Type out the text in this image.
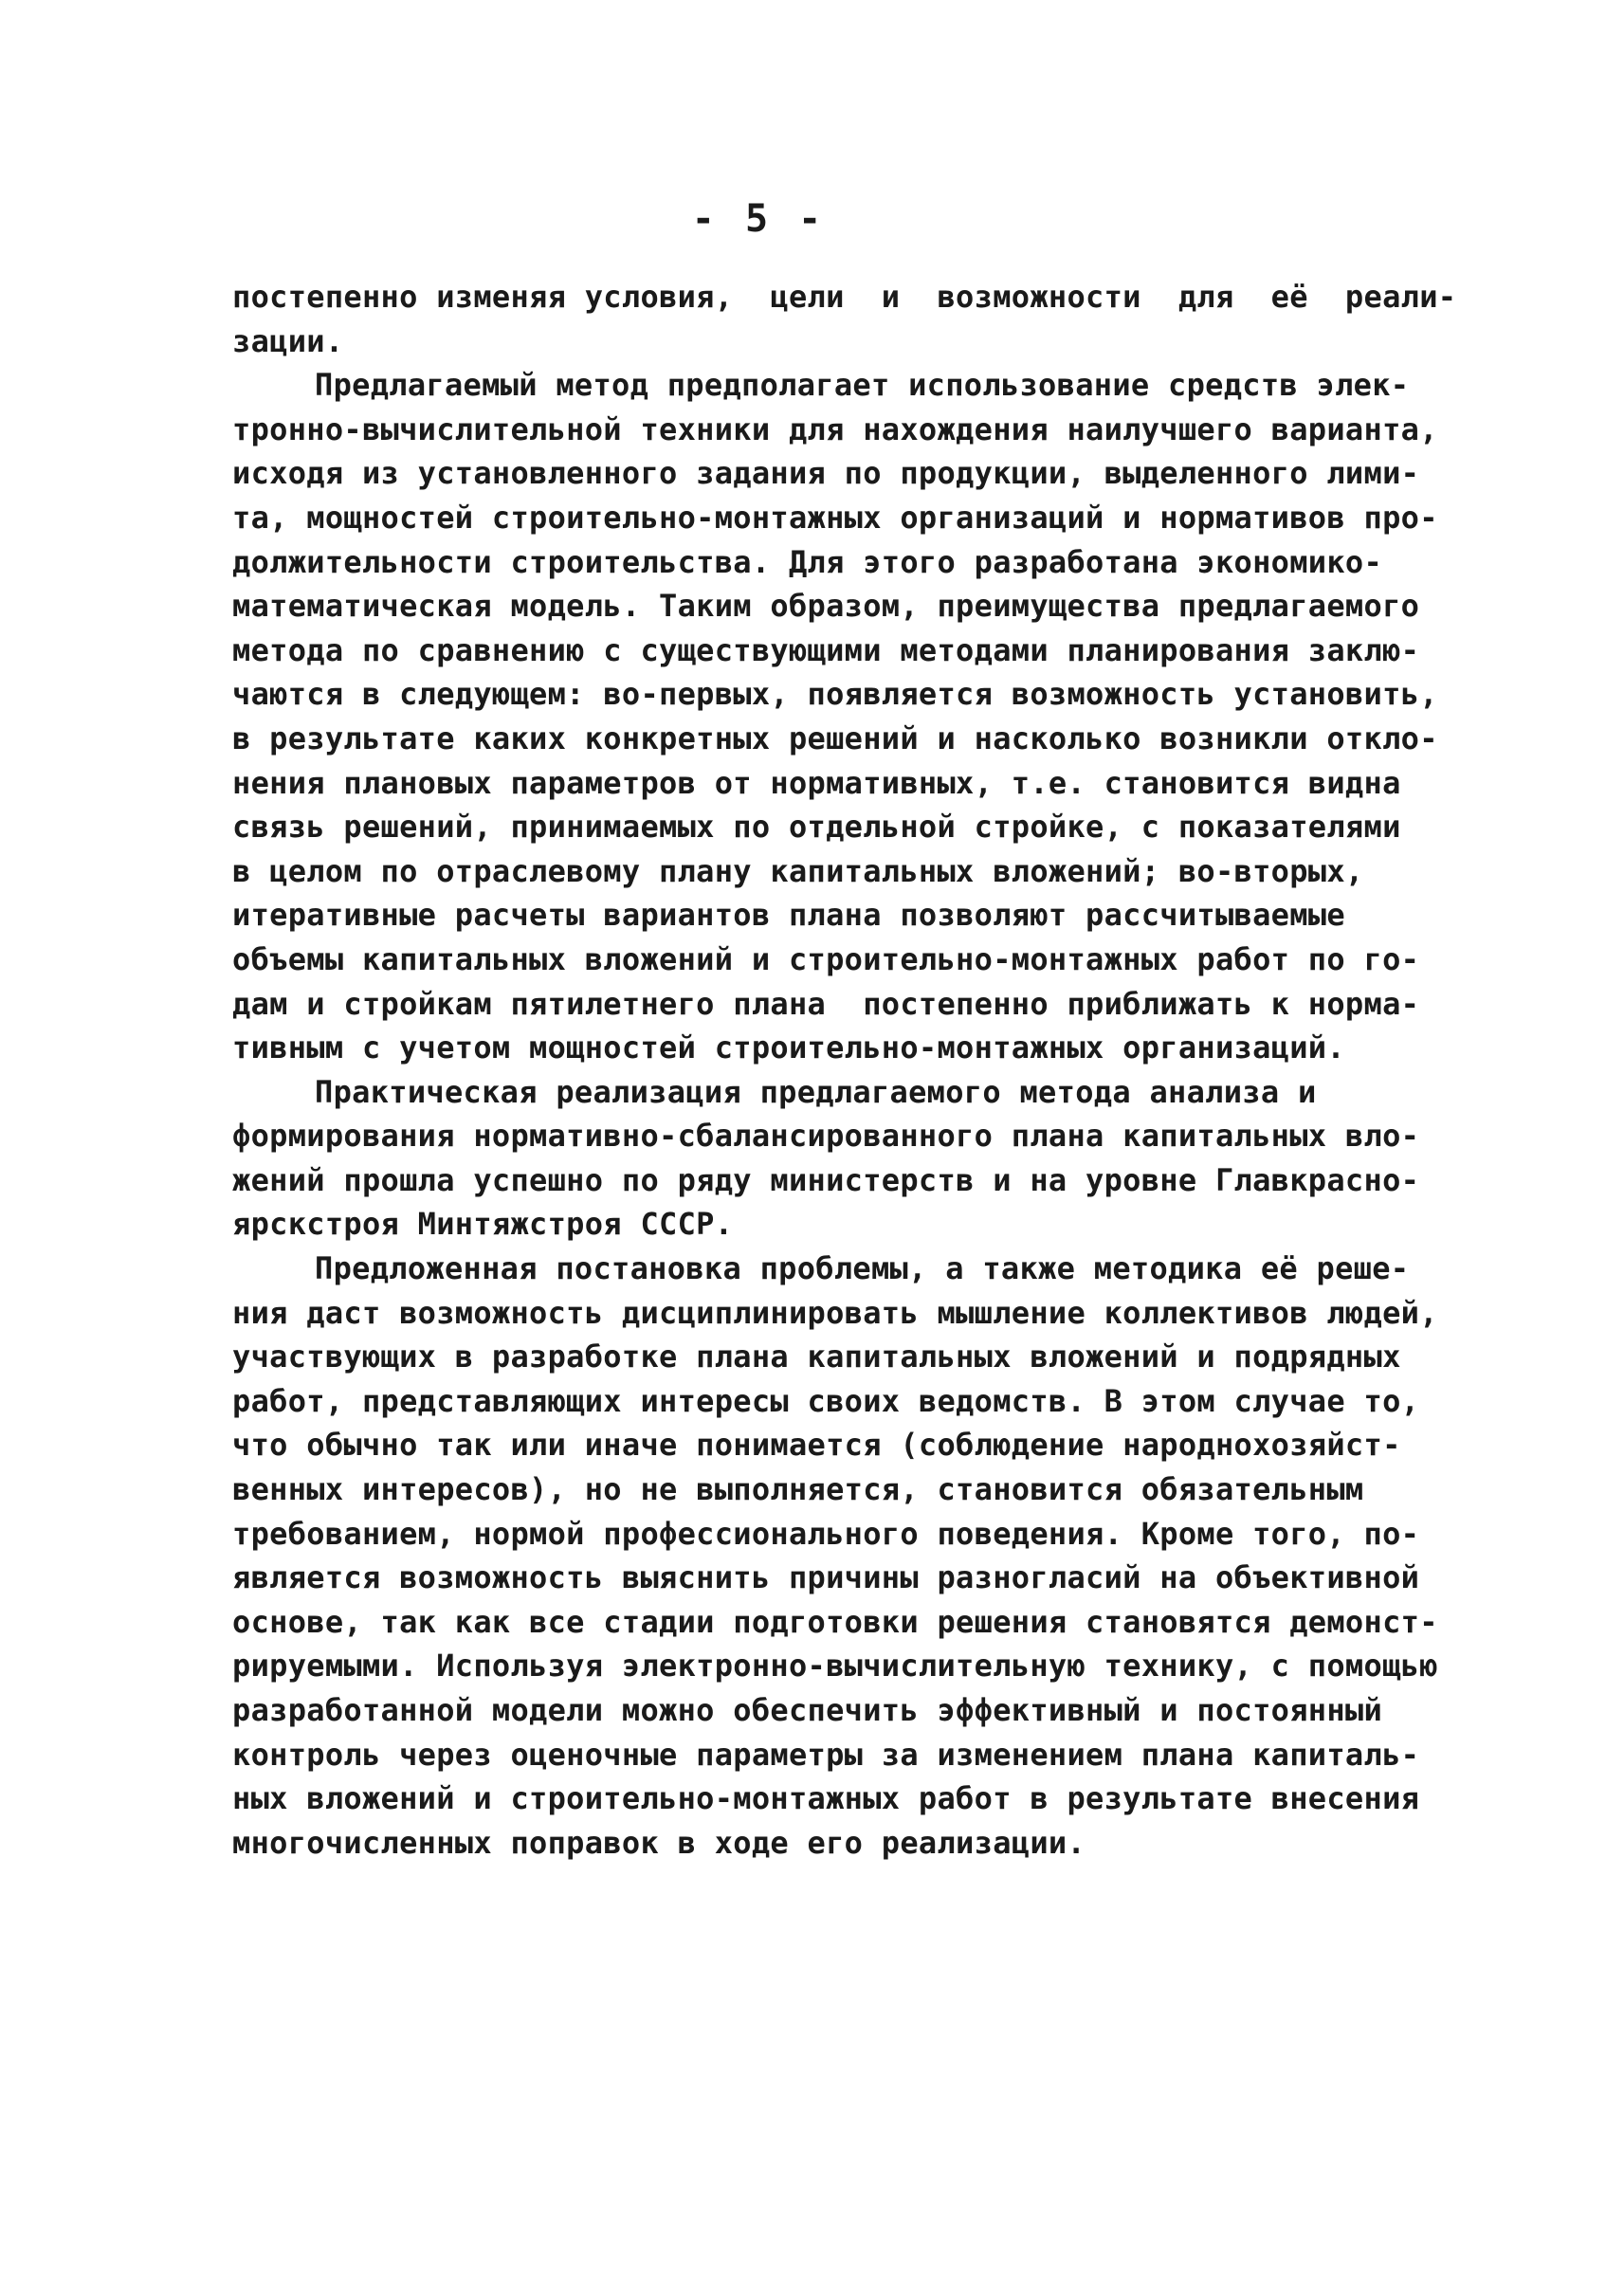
- 5 -
постепенно изменяя условия,  цели  и  возможности  для  её  реали-
зации.
Предлагаемый метод предполагает использование средств элек-
тронно-вычислительной техники для нахождения наилучшего варианта,
исходя из установленного задания по продукции, выделенного лими-
та, мощностей строительно-монтажных организаций и нормативов про-
должительности строительства. Для этого разработана экономико-
математическая модель. Таким образом, преимущества предлагаемого
метода по сравнению с существующими методами планирования заклю-
чаются в следующем: во-первых, появляется возможность установить,
в результате каких конкретных решений и насколько возникли откло-
нения плановых параметров от нормативных, т.е. становится видна
связь решений, принимаемых по отдельной стройке, с показателями
в целом по отраслевому плану капитальных вложений; во-вторых,
итеративные расчеты вариантов плана позволяют рассчитываемые
объемы капитальных вложений и строительно-монтажных работ по го-
дам и стройкам пятилетнего плана  постепенно приближать к норма-
тивным с учетом мощностей строительно-монтажных организаций.
Практическая реализация предлагаемого метода анализа и
формирования нормативно-сбалансированного плана капитальных вло-
жений прошла успешно по ряду министерств и на уровне Главкрасно-
ярскстроя Минтяжстроя СССР.
Предложенная постановка проблемы, а также методика её реше-
ния даст возможность дисциплинировать мышление коллективов людей,
участвующих в разработке плана капитальных вложений и подрядных
работ, представляющих интересы своих ведомств. В этом случае то,
что обычно так или иначе понимается (соблюдение народнохозяйст-
венных интересов), но не выполняется, становится обязательным
требованием, нормой профессионального поведения. Кроме того, по-
является возможность выяснить причины разногласий на объективной
основе, так как все стадии подготовки решения становятся демонст-
рируемыми. Используя электронно-вычислительную технику, с помощью
разработанной модели можно обеспечить эффективный и постоянный
контроль через оценочные параметры за изменением плана капиталь-
ных вложений и строительно-монтажных работ в результате внесения
многочисленных поправок в ходе его реализации.
